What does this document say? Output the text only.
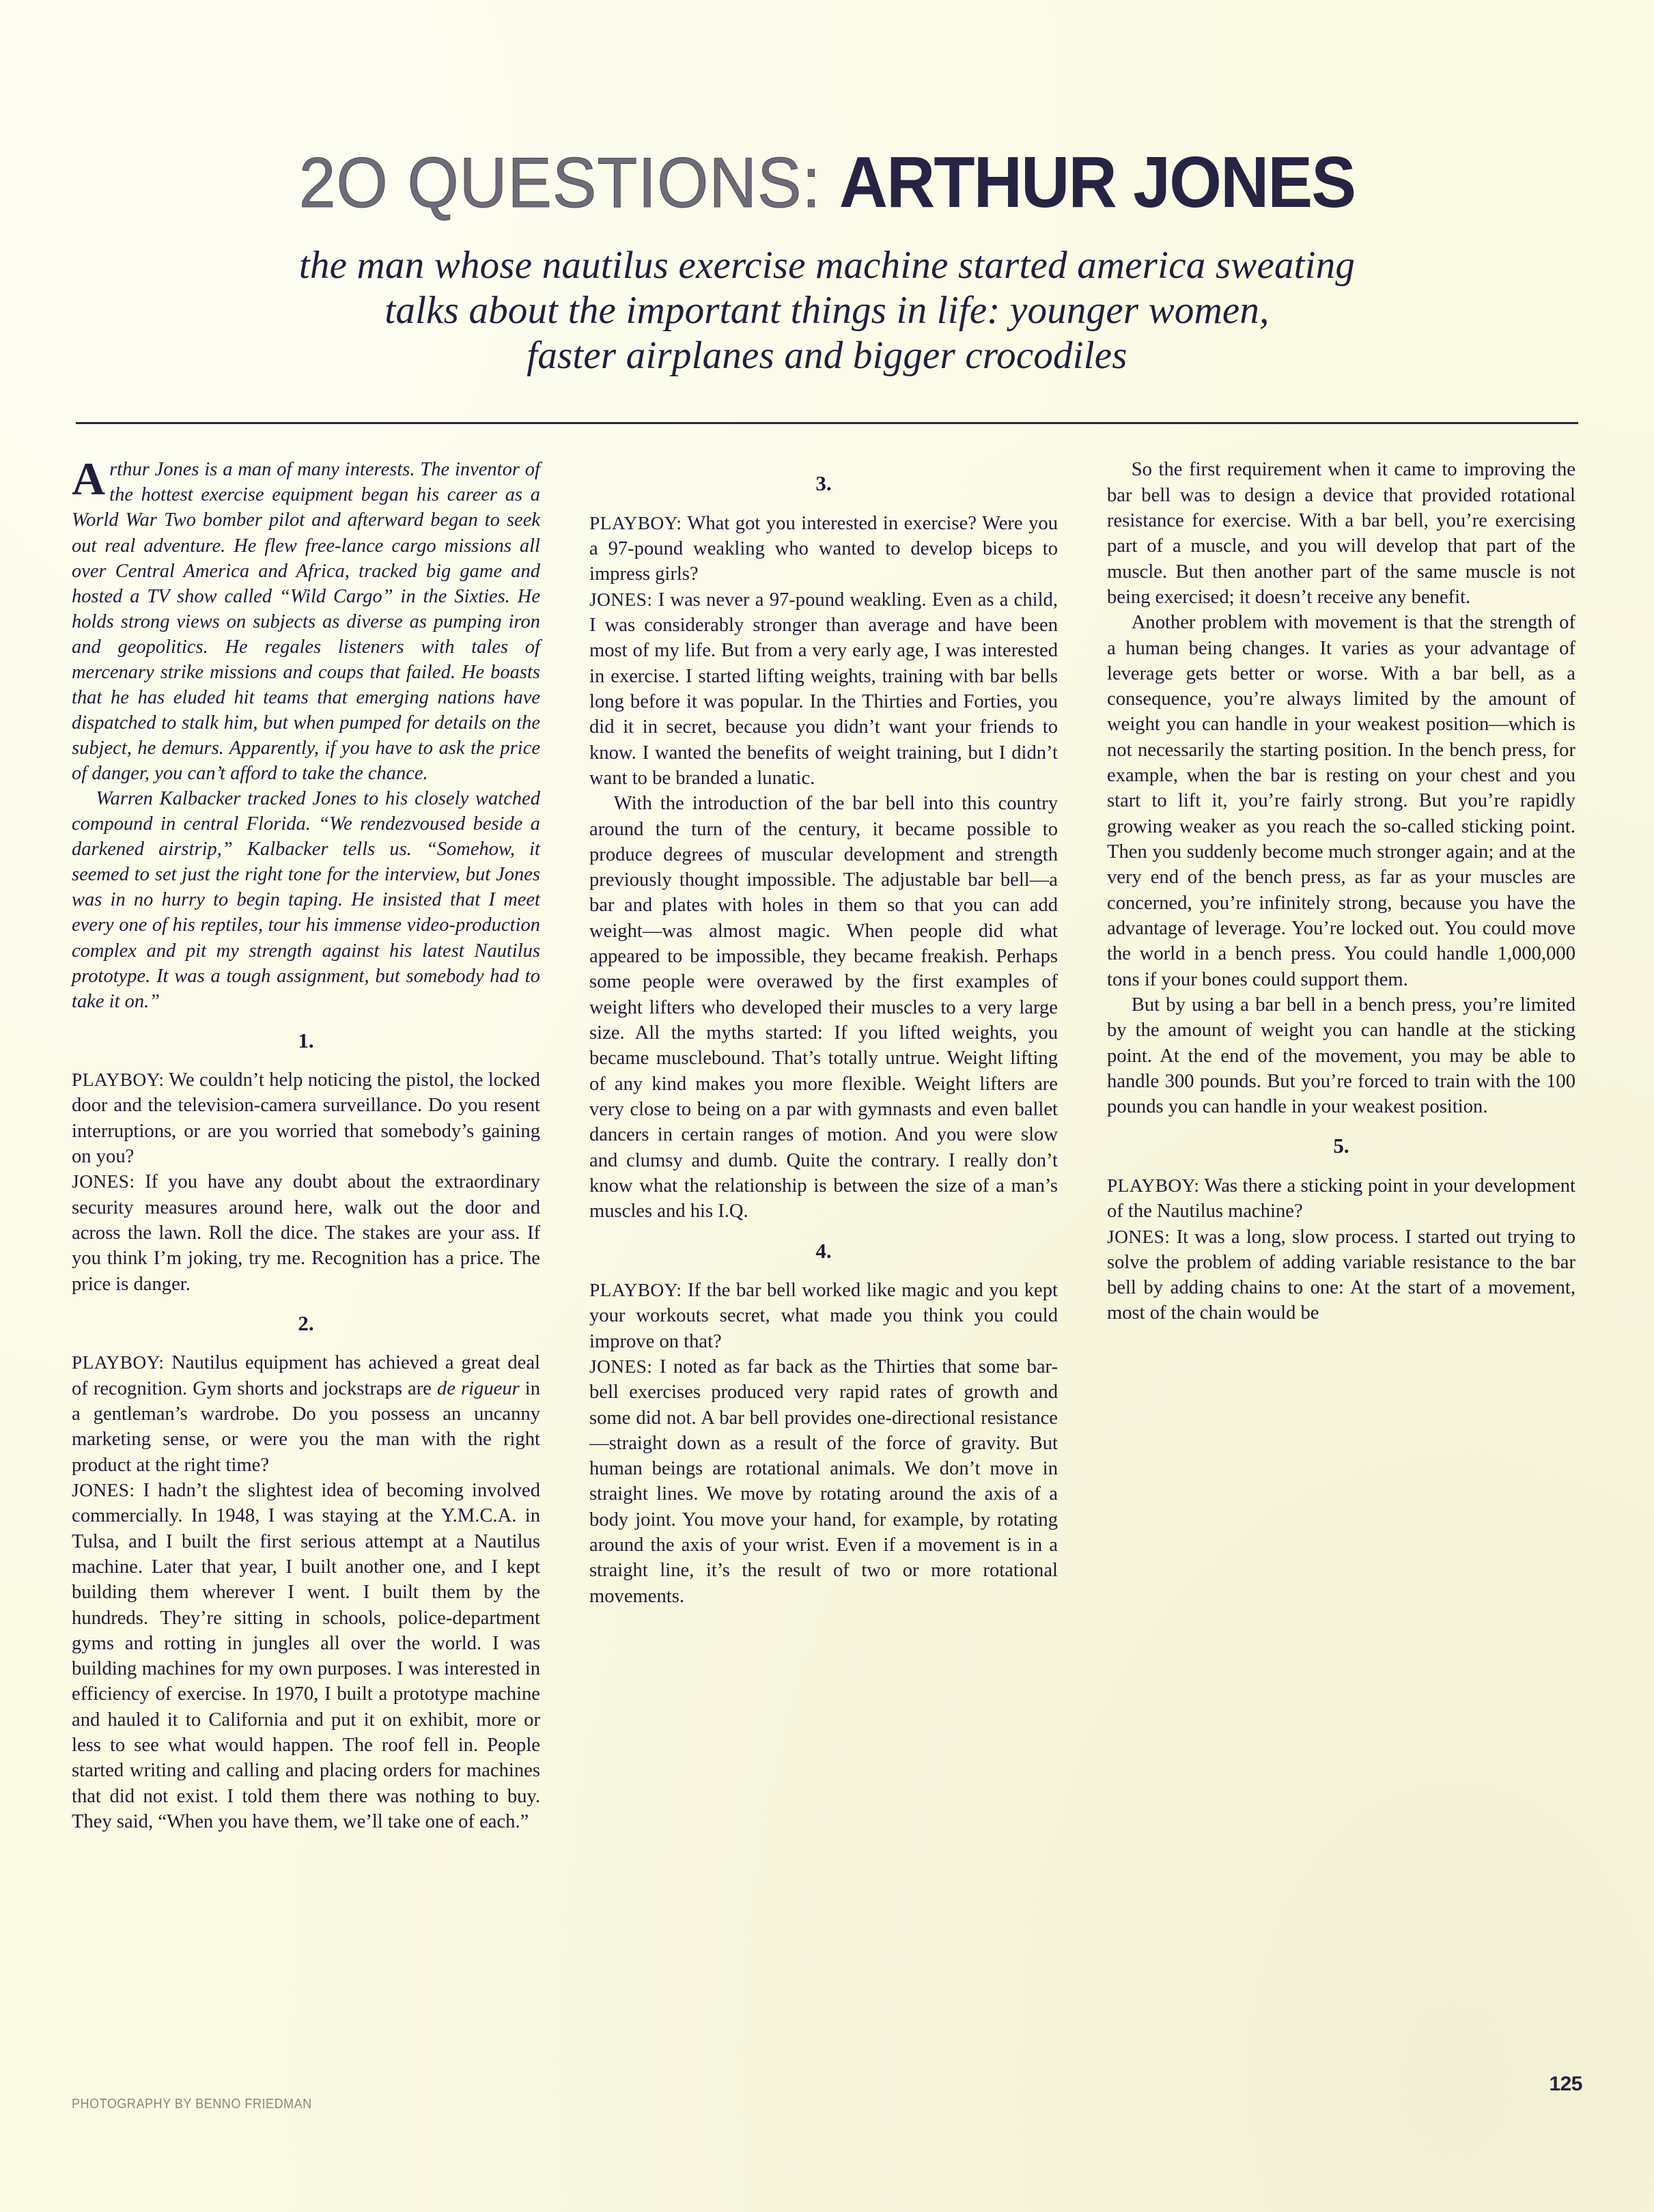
2O QUESTIONS: ARTHUR JONES
the man whose nautilus exercise machine started america sweating
talks about the important things in life: younger women,
faster airplanes and bigger crocodiles

Arthur Jones is a man of many interests. The inventor of the hottest exercise equipment began his career as a World War Two bomber pilot and afterward began to seek out real adventure. He flew free-lance cargo missions all over Central America and Africa, tracked big game and hosted a TV show called “Wild Cargo” in the Sixties. He holds strong views on subjects as diverse as pumping iron and geopolitics. He regales listeners with tales of mercenary strike missions and coups that failed. He boasts that he has eluded hit teams that emerging nations have dispatched to stalk him, but when pumped for details on the subject, he demurs. Apparently, if you have to ask the price of danger, you can’t afford to take the chance.

Warren Kalbacker tracked Jones to his closely watched compound in central Florida. “We rendezvoused beside a darkened airstrip,” Kalbacker tells us. “Somehow, it seemed to set just the right tone for the interview, but Jones was in no hurry to begin taping. He insisted that I meet every one of his reptiles, tour his immense video-production complex and pit my strength against his latest Nautilus prototype. It was a tough assignment, but somebody had to take it on.”

1.

PLAYBOY: We couldn’t help noticing the pistol, the locked door and the television-camera surveillance. Do you resent interruptions, or are you worried that somebody’s gaining on you?

JONES: If you have any doubt about the extraordinary security measures around here, walk out the door and across the lawn. Roll the dice. The stakes are your ass. If you think I’m joking, try me. Recognition has a price. The price is danger.

2.

PLAYBOY: Nautilus equipment has achieved a great deal of recognition. Gym shorts and jockstraps are de rigueur in a gentleman’s wardrobe. Do you possess an uncanny marketing sense, or were you the man with the right product at the right time?

JONES: I hadn’t the slightest idea of becoming involved commercially. In 1948, I was staying at the Y.M.C.A. in Tulsa, and I built the first serious attempt at a Nautilus machine. Later that year, I built another one, and I kept building them wherever I went. I built them by the hundreds. They’re sitting in schools, police-department gyms and rotting in jungles all over the world. I was building machines for my own purposes. I was interested in efficiency of exercise. In 1970, I built a prototype machine and hauled it to California and put it on exhibit, more or less to see what would happen. The roof fell in. People started writing and calling and placing orders for machines that did not exist. I told them there was nothing to buy. They said, “When you have them, we’ll take one of each.”

3.

PLAYBOY: What got you interested in exercise? Were you a 97-pound weakling who wanted to develop biceps to impress girls?

JONES: I was never a 97-pound weakling. Even as a child, I was considerably stronger than average and have been most of my life. But from a very early age, I was interested in exercise. I started lifting weights, training with bar bells long before it was popular. In the Thirties and Forties, you did it in secret, because you didn’t want your friends to know. I wanted the benefits of weight training, but I didn’t want to be branded a lunatic.

With the introduction of the bar bell into this country around the turn of the century, it became possible to produce degrees of muscular development and strength previously thought impossible. The adjustable bar bell—a bar and plates with holes in them so that you can add weight—was almost magic. When people did what appeared to be impossible, they became freakish. Perhaps some people were overawed by the first examples of weight lifters who developed their muscles to a very large size. All the myths started: If you lifted weights, you became musclebound. That’s totally untrue. Weight lifting of any kind makes you more flexible. Weight lifters are very close to being on a par with gymnasts and even ballet dancers in certain ranges of motion. And you were slow and clumsy and dumb. Quite the contrary. I really don’t know what the relationship is between the size of a man’s muscles and his I.Q.

4.

PLAYBOY: If the bar bell worked like magic and you kept your workouts secret, what made you think you could improve on that?

JONES: I noted as far back as the Thirties that some bar-bell exercises produced very rapid rates of growth and some did not. A bar bell provides one-directional resistance—straight down as a result of the force of gravity. But human beings are rotational animals. We don’t move in straight lines. We move by rotating around the axis of a body joint. You move your hand, for example, by rotating around the axis of your wrist. Even if a movement is in a straight line, it’s the result of two or more rotational movements.

So the first requirement when it came to improving the bar bell was to design a device that provided rotational resistance for exercise. With a bar bell, you’re exercising part of a muscle, and you will develop that part of the muscle. But then another part of the same muscle is not being exercised; it doesn’t receive any benefit.

Another problem with movement is that the strength of a human being changes. It varies as your advantage of leverage gets better or worse. With a bar bell, as a consequence, you’re always limited by the amount of weight you can handle in your weakest position—which is not necessarily the starting position. In the bench press, for example, when the bar is resting on your chest and you start to lift it, you’re fairly strong. But you’re rapidly growing weaker as you reach the so-called sticking point. Then you suddenly become much stronger again; and at the very end of the bench press, as far as your muscles are concerned, you’re infinitely strong, because you have the advantage of leverage. You’re locked out. You could move the world in a bench press. You could handle 1,000,000 tons if your bones could support them.

But by using a bar bell in a bench press, you’re limited by the amount of weight you can handle at the sticking point. At the end of the movement, you may be able to handle 300 pounds. But you’re forced to train with the 100 pounds you can handle in your weakest position.

5.

PLAYBOY: Was there a sticking point in your development of the Nautilus machine?

JONES: It was a long, slow process. I started out trying to solve the problem of adding variable resistance to the bar bell by adding chains to one: At the start of a movement, most of the chain would be

PHOTOGRAPHY BY BENNO FRIEDMAN
125
